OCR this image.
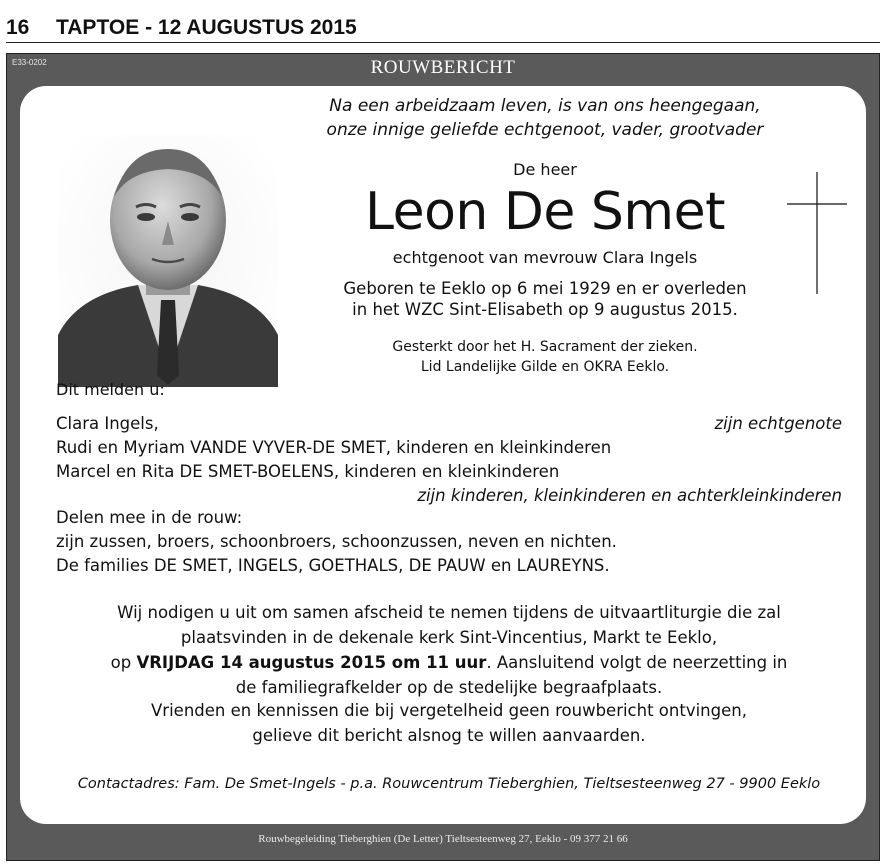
16 TAPTOE - 12 AUGUSTUS 2015
E33-0202	ROUWBERICHT
Na een arbeidzaam leven, is van ons heengegaan,
onze innige geliefde echtgenoot, vader, grootvader
De heer
Leon De Smet
echtgenoot van mevrouw Clara Ingels
Geboren te Eeklo op 6 mei 1929 en er overleden
in het WZC Sint-Elisabeth op 9 augustus 2015.
Gesterkt door het H. Sacrament der zieken.
Lid Landelijke Gilde en OKRA Eeklo.
Dit melden u:
Clara Ingels,	zijn echtgenote
Rudi en Myriam VANDE VYVER-DE SMET, kinderen en kleinkinderen
Marcel en Rita DE SMET-BOELENS, kinderen en kleinkinderen
zijn kinderen, kleinkinderen en achterkleinkinderen
Delen mee in de rouw:
zijn zussen, broers, schoonbroers, schoonzussen, neven en nichten.
De families DE SMET, INGELS, GOETHALS, DE PAUW en LAUREYNS.
Wij nodigen u uit om samen afscheid te nemen tijdens de uitvaartliturgie die zal
plaatsvinden in de dekenale kerk Sint-Vincentius, Markt te Eeklo,
op VRIJDAG 14 augustus 2015 om 11 uur. Aansluitend volgt de neerzetting in
de familiegrafkelder op de stedelijke begraafplaats.
Vrienden en kennissen die bij vergetelheid geen rouwbericht ontvingen,
gelieve dit bericht alsnog te willen aanvaarden.
Contactadres: Fam. De Smet-Ingels - p.a. Rouwcentrum Tieberghien, Tieltsesteenweg 27 - 9900 Eeklo
Rouwbegeleiding Tieberghien (De Letter) Tieltsesteenweg 27, Eeklo - 09 377 21 66
